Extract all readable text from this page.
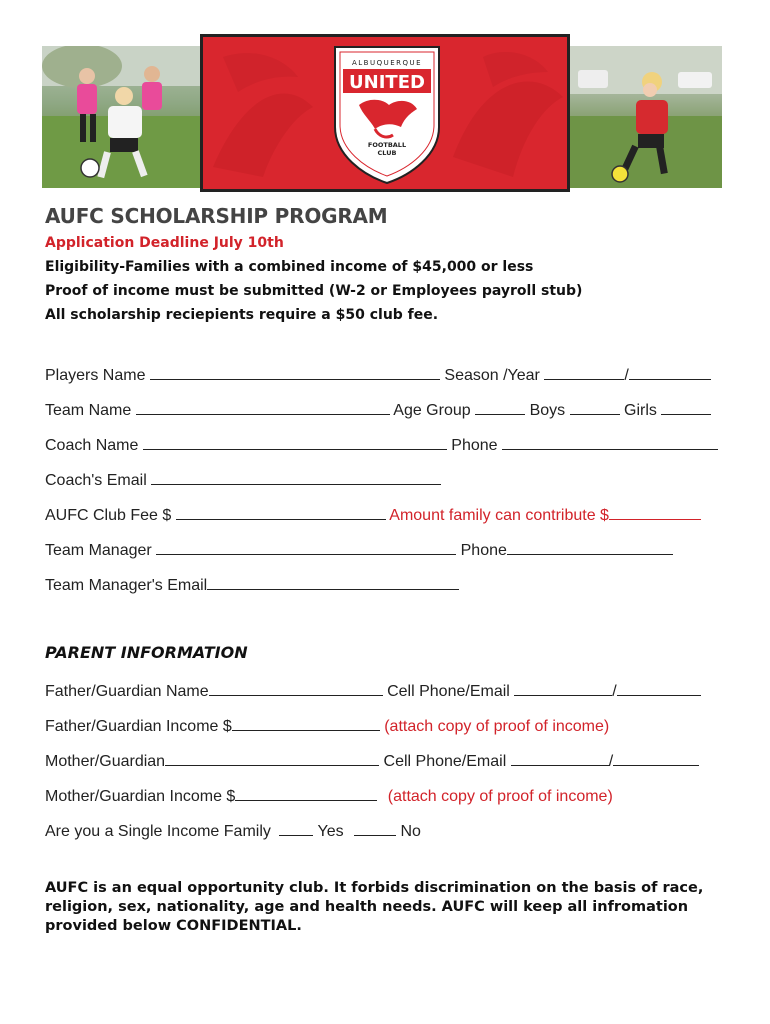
ALBUQUERQUE
UNITED
FOOTBALL
CLUB
AUFC SCHOLARSHIP PROGRAM
Application Deadline July 10th
Eligibility-Families with a combined income of $45,000 or less
Proof of income must be submitted (W-2 or Employees payroll stub)
All scholarship reciepients require a $50 club fee.
Players Name	Season /Year	/
Team Name	Age Group	Boys	Girls
Coach Name	Phone
Coach's Email
AUFC Club Fee $	Amount family can contribute $
Team Manager	Phone
Team Manager's Email
PARENT INFORMATION
Father/Guardian Name	Cell Phone/Email	/
Father/Guardian Income $	(attach copy of proof of income)
Mother/Guardian	Cell Phone/Email	/
Mother/Guardian Income $	(attach copy of proof of income)
Are you a Single Income Family	Yes	No

AUFC is an equal opportunity club. It forbids discrimination on the basis of race, religion, sex, nationality, age and health needs. AUFC will keep all infromation provided below CONFIDENTIAL.
